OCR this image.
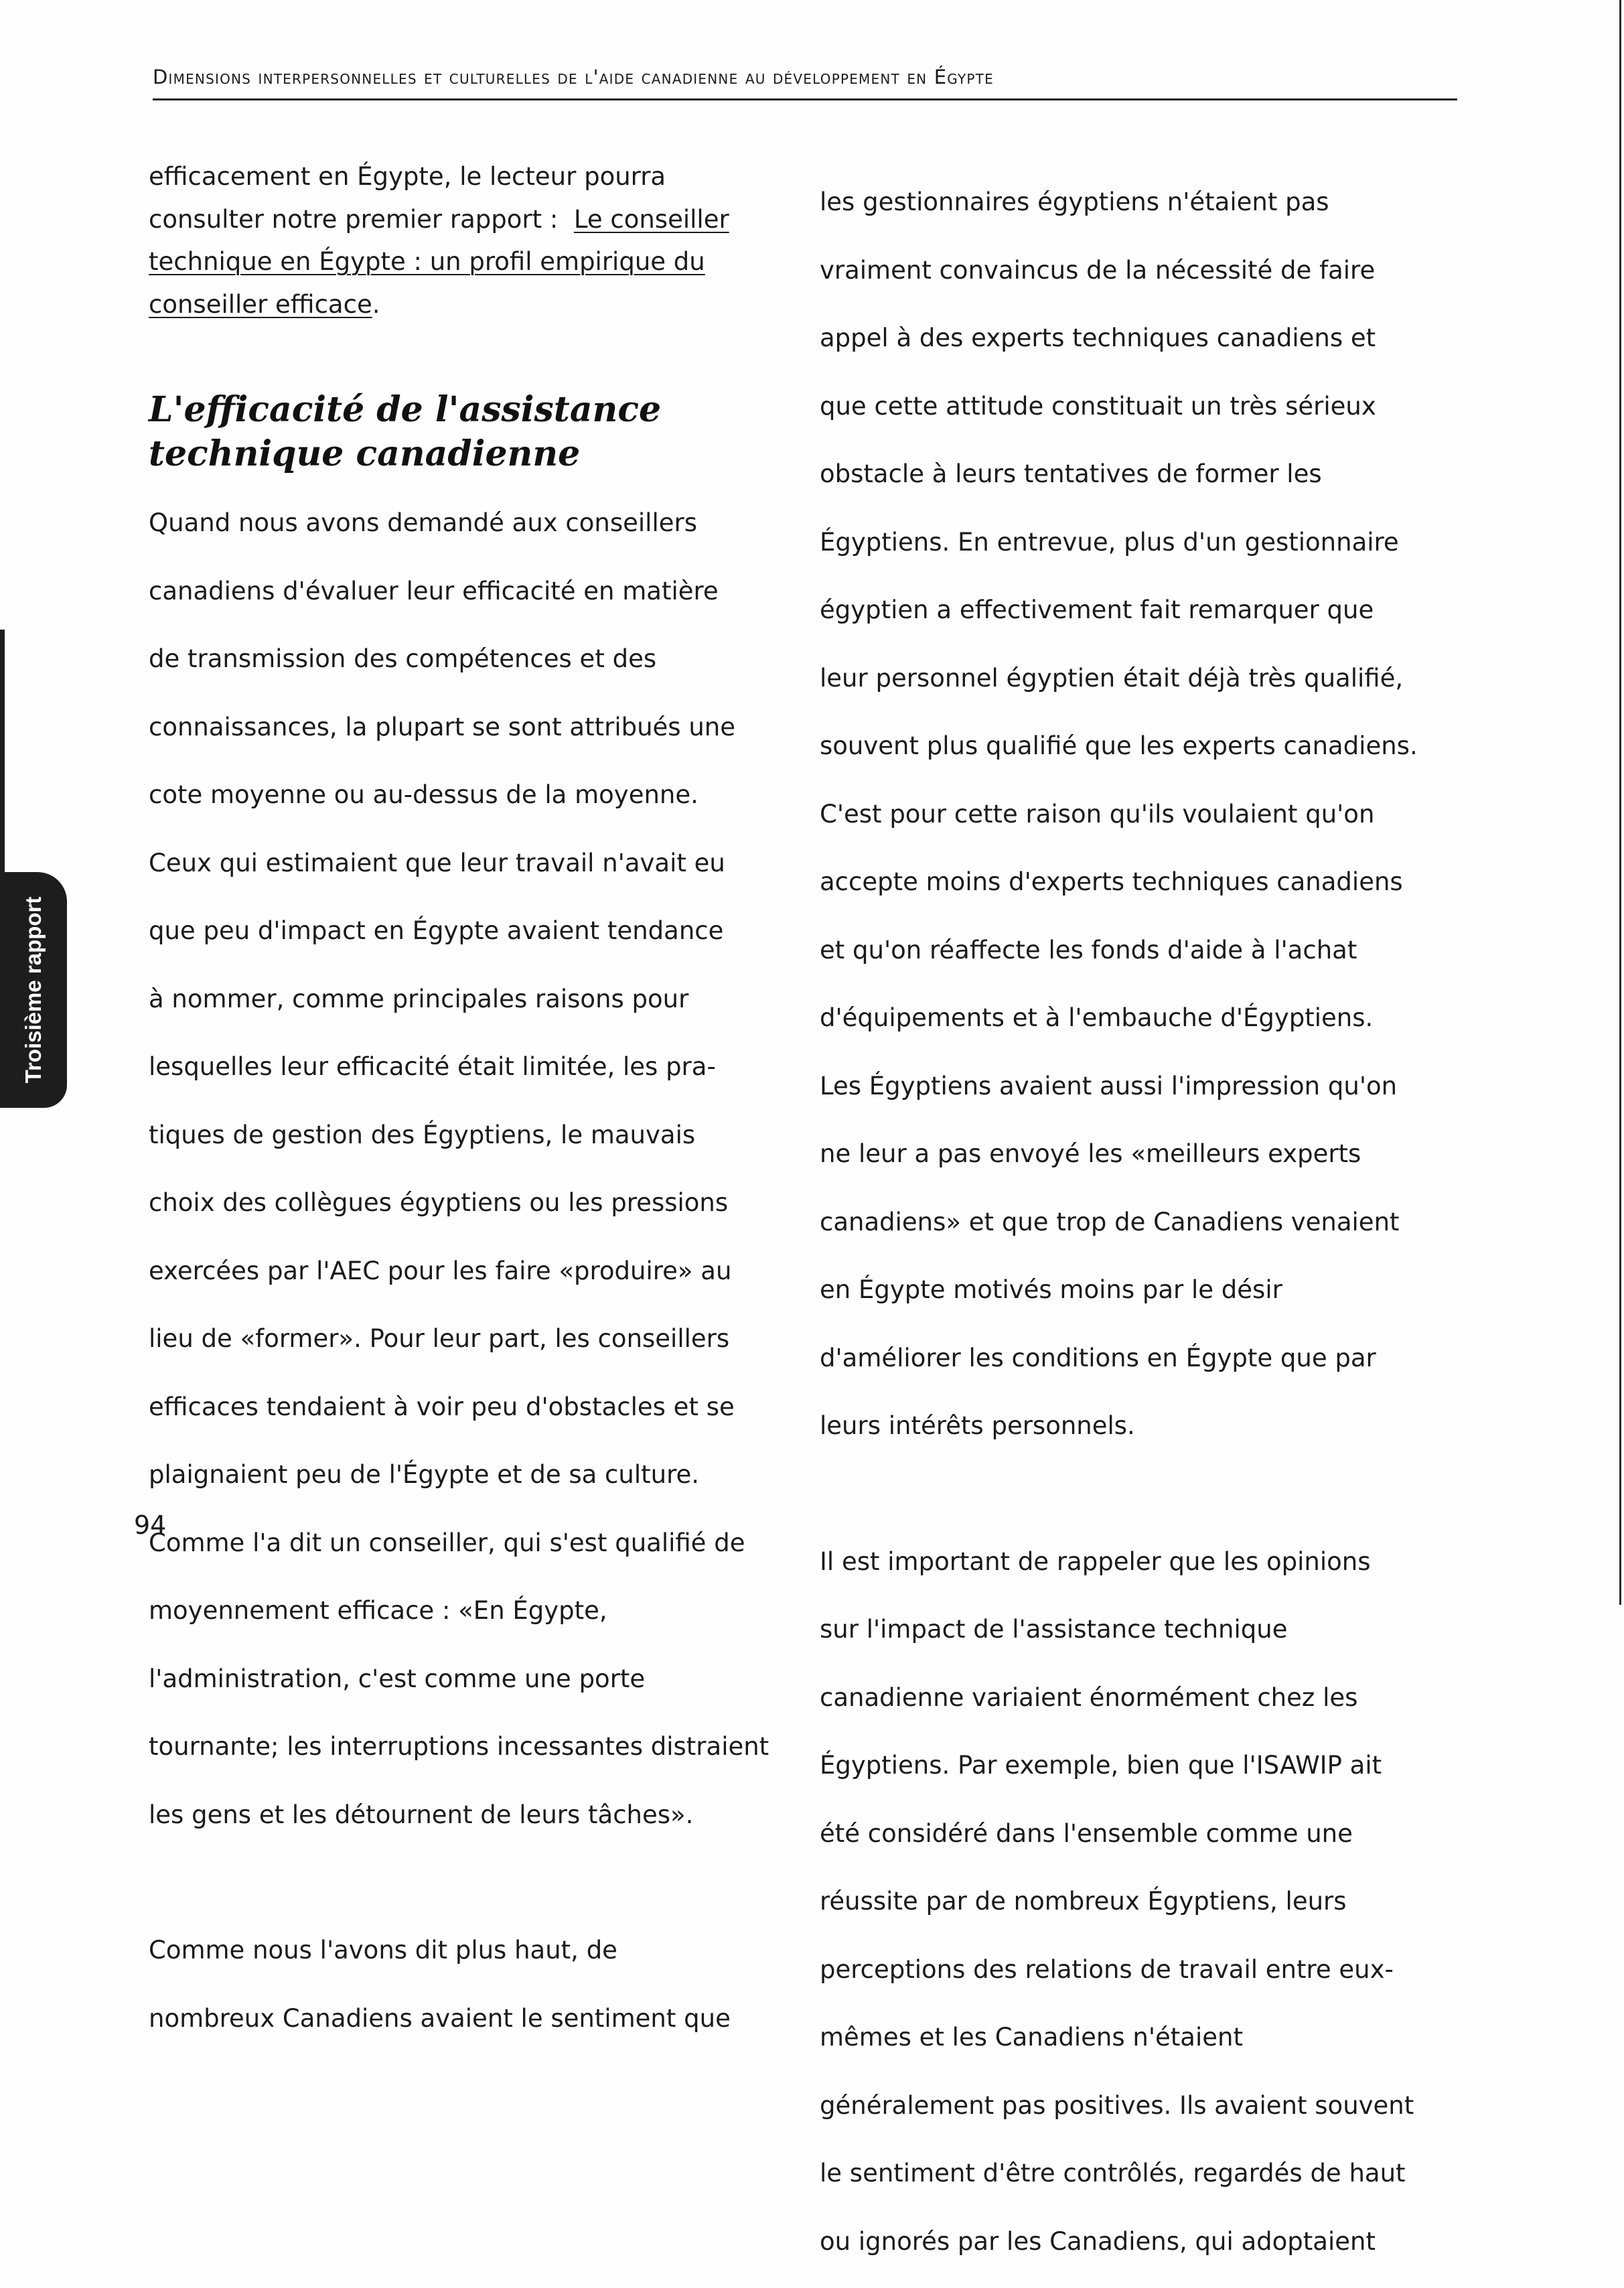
Dimensions interpersonnelles et culturelles de l'aide canadienne au développement en Égypte
efficacement en Égypte, le lecteur pourra
consulter notre premier rapport : Le conseiller
technique en Égypte : un profil empirique du
conseiller efficace.
L'efficacité de l'assistance
technique canadienne

Quand nous avons demandé aux conseillers

canadiens d'évaluer leur efficacité en matière

de transmission des compétences et des

connaissances, la plupart se sont attribués une

cote moyenne ou au-dessus de la moyenne.

Ceux qui estimaient que leur travail n'avait eu

que peu d'impact en Égypte avaient tendance

à nommer, comme principales raisons pour

lesquelles leur efficacité était limitée, les pra-

tiques de gestion des Égyptiens, le mauvais

choix des collègues égyptiens ou les pressions

exercées par l'AEC pour les faire «produire» au

lieu de «former». Pour leur part, les conseillers

efficaces tendaient à voir peu d'obstacles et se

plaignaient peu de l'Égypte et de sa culture.

Comme l'a dit un conseiller, qui s'est qualifié de

moyennement efficace : «En Égypte,

l'administration, c'est comme une porte

tournante; les interruptions incessantes distraient

les gens et les détournent de leurs tâches».

Comme nous l'avons dit plus haut, de

nombreux Canadiens avaient le sentiment que

les gestionnaires égyptiens n'étaient pas

vraiment convaincus de la nécessité de faire

appel à des experts techniques canadiens et

que cette attitude constituait un très sérieux

obstacle à leurs tentatives de former les

Égyptiens. En entrevue, plus d'un gestionnaire

égyptien a effectivement fait remarquer que

leur personnel égyptien était déjà très qualifié,

souvent plus qualifié que les experts canadiens.

C'est pour cette raison qu'ils voulaient qu'on

accepte moins d'experts techniques canadiens

et qu'on réaffecte les fonds d'aide à l'achat

d'équipements et à l'embauche d'Égyptiens.

Les Égyptiens avaient aussi l'impression qu'on

ne leur a pas envoyé les «meilleurs experts

canadiens» et que trop de Canadiens venaient

en Égypte motivés moins par le désir

d'améliorer les conditions en Égypte que par

leurs intérêts personnels.

Il est important de rappeler que les opinions

sur l'impact de l'assistance technique

canadienne variaient énormément chez les

Égyptiens. Par exemple, bien que l'ISAWIP ait

été considéré dans l'ensemble comme une

réussite par de nombreux Égyptiens, leurs

perceptions des relations de travail entre eux-

mêmes et les Canadiens n'étaient

généralement pas positives. Ils avaient souvent

le sentiment d'être contrôlés, regardés de haut

ou ignorés par les Canadiens, qui adoptaient

Troisième rapport
94
